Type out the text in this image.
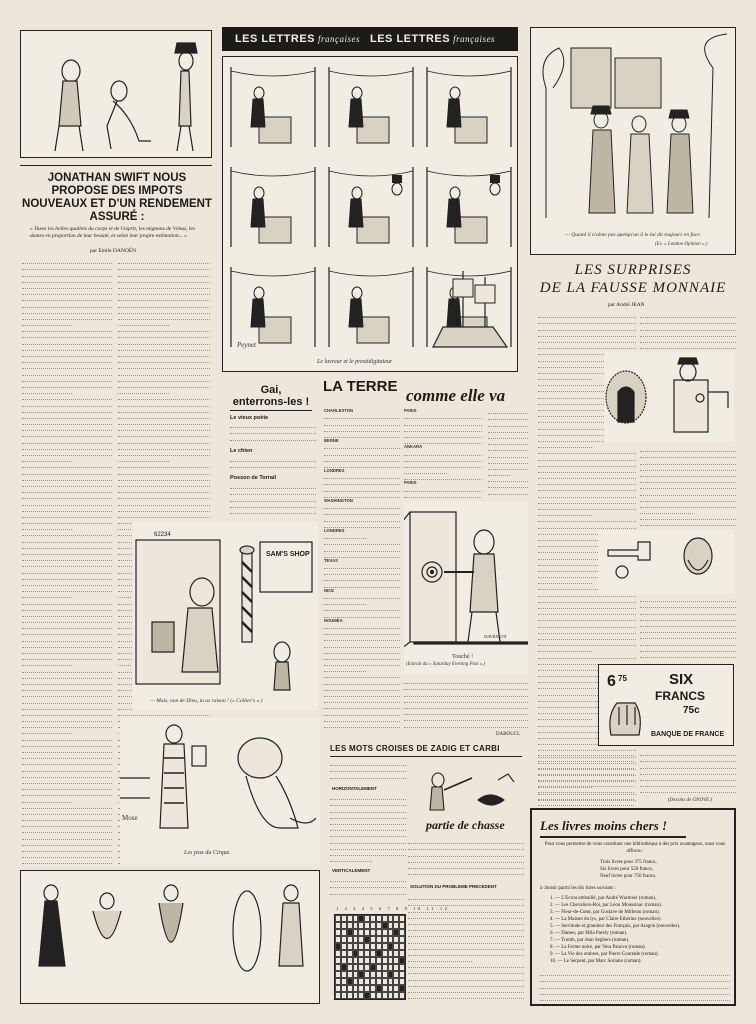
JONATHAN SWIFT NOUS PROPOSE DES IMPOTS NOUVEAUX ET D'UN RENDEMENT ASSURÉ :
« Taxes les belles qualités du corps et de l'esprit, les mignons de Vénus, les dames en proportion de leur beauté, et selon leur propre estimation... »
par Emile DANOËN
LES LETTRES françaises LES LETTRES françaises
Le lavreur et le prestidigitateur
Peynet
— Quand il n'aime pas quelqu'un il le lui dit toujours en face.
(Ev. « London Opinion ».)
LES SURPRISES
DE LA FAUSSE MONNAIE
par André JEAN
6 75	SIX
FRANCS
75c
BANQUE DE FRANCE
(Dessins de GNOVE.)
Les livres moins chers !
Pour vous permettre de vous constituer une bibliothèque à des prix avantageux, nous vous offrons :
Trois livres pour 375 francs,
Six livres pour 550 francs,
Neuf livres pour 750 francs.
à choisir parmi les dix titres suivants :
1. — L'Ecrou embaillé, par André Wurmser (roman).
2. — Les Chevaliers-Roi, par Léon Moussinac (roman).
3. — Fleur-de-Cœur, par Gustave de Mirbeau (roman).
4. — La Maison du lys, par Claire Ethérine (nouvelles).
5. — Servitude et grandeur des Français, par Aragon (nouvelles).
6. — Dames, par Mila Parely (roman).
7. — Tromb, par Jean Seghers (roman).
8. — La Ferme noire, par Vera Panova (roman).
9. — La Vie des ombres, par Pierre Courtade (roman).
10. — Le Serpent, par Marc Soriano (roman).
Gai,
enterrons-les !
Le vieux poète
Le chien
Posson de Torrail
LA TERRE comme elle va
CHARLESTON
BERNE
LONDRES
WASHINGTON
LONDRES
TEXAS
NICE
NOUMÉA
PARIS
ANKARA
PARIS
DAVERSON
Touché !
(Extrait du « Saturday Evening Post ».)
DABOUCL
62234
SAM'S SHOP
— Mais, non de Dieu, tu as raison ! (« Collier's ».)
Mose
Les jeux du Cirque.
LES MOTS CROISES DE ZADIG ET CARBI
HORIZONTALEMENT
partie de chasse
VERTICALEMENT
1 2 3 4 5 6 7 8 9 10 11 12
SOLUTION DU PROBLEME PRECEDENT
